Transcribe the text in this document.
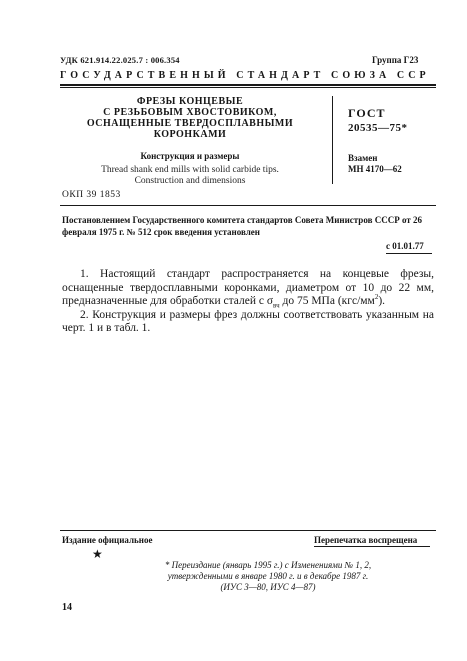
УДК 621.914.22.025.7 : 006.354	Группа Г23
ГОСУДАРСТВЕННЫЙ СТАНДАРТ СОЮЗА ССР
ФРЕЗЫ КОНЦЕВЫЕ
С РЕЗЬБОВЫМ ХВОСТОВИКОМ,
ОСНАЩЕННЫЕ ТВЕРДОСПЛАВНЫМИ
КОРОНКАМИ
Конструкция и размеры
Thread shank end mills with solid carbide tips.
Construction and dimensions
ГОСТ
20535—75*
Взамен
МН 4170—62
ОКП 39 1853
Постановлением Государственного комитета стандартов Совета Министров СССР от 26 февраля 1975 г. № 512 срок введения установлен
с 01.01.77

1. Настоящий стандарт распространяется на концевые фрезы, оснащенные твердосплавными коронками, диаметром от 10 до 22 мм, предназначенные для обработки сталей с $\sigma_{вч}$ до 75 МПа $(кгс/мм^2)$.

2. Конструкция и размеры фрез должны соответствовать указанным на черт. 1 и в табл. 1.

Издание официальное	Перепечатка воспрещена
★
* Переиздание (январь 1995 г.) с Изменениями № 1, 2,
утвержденными в январе 1980 г. и в декабре 1987 г.
(ИУС 3—80, ИУС 4—87)
14
